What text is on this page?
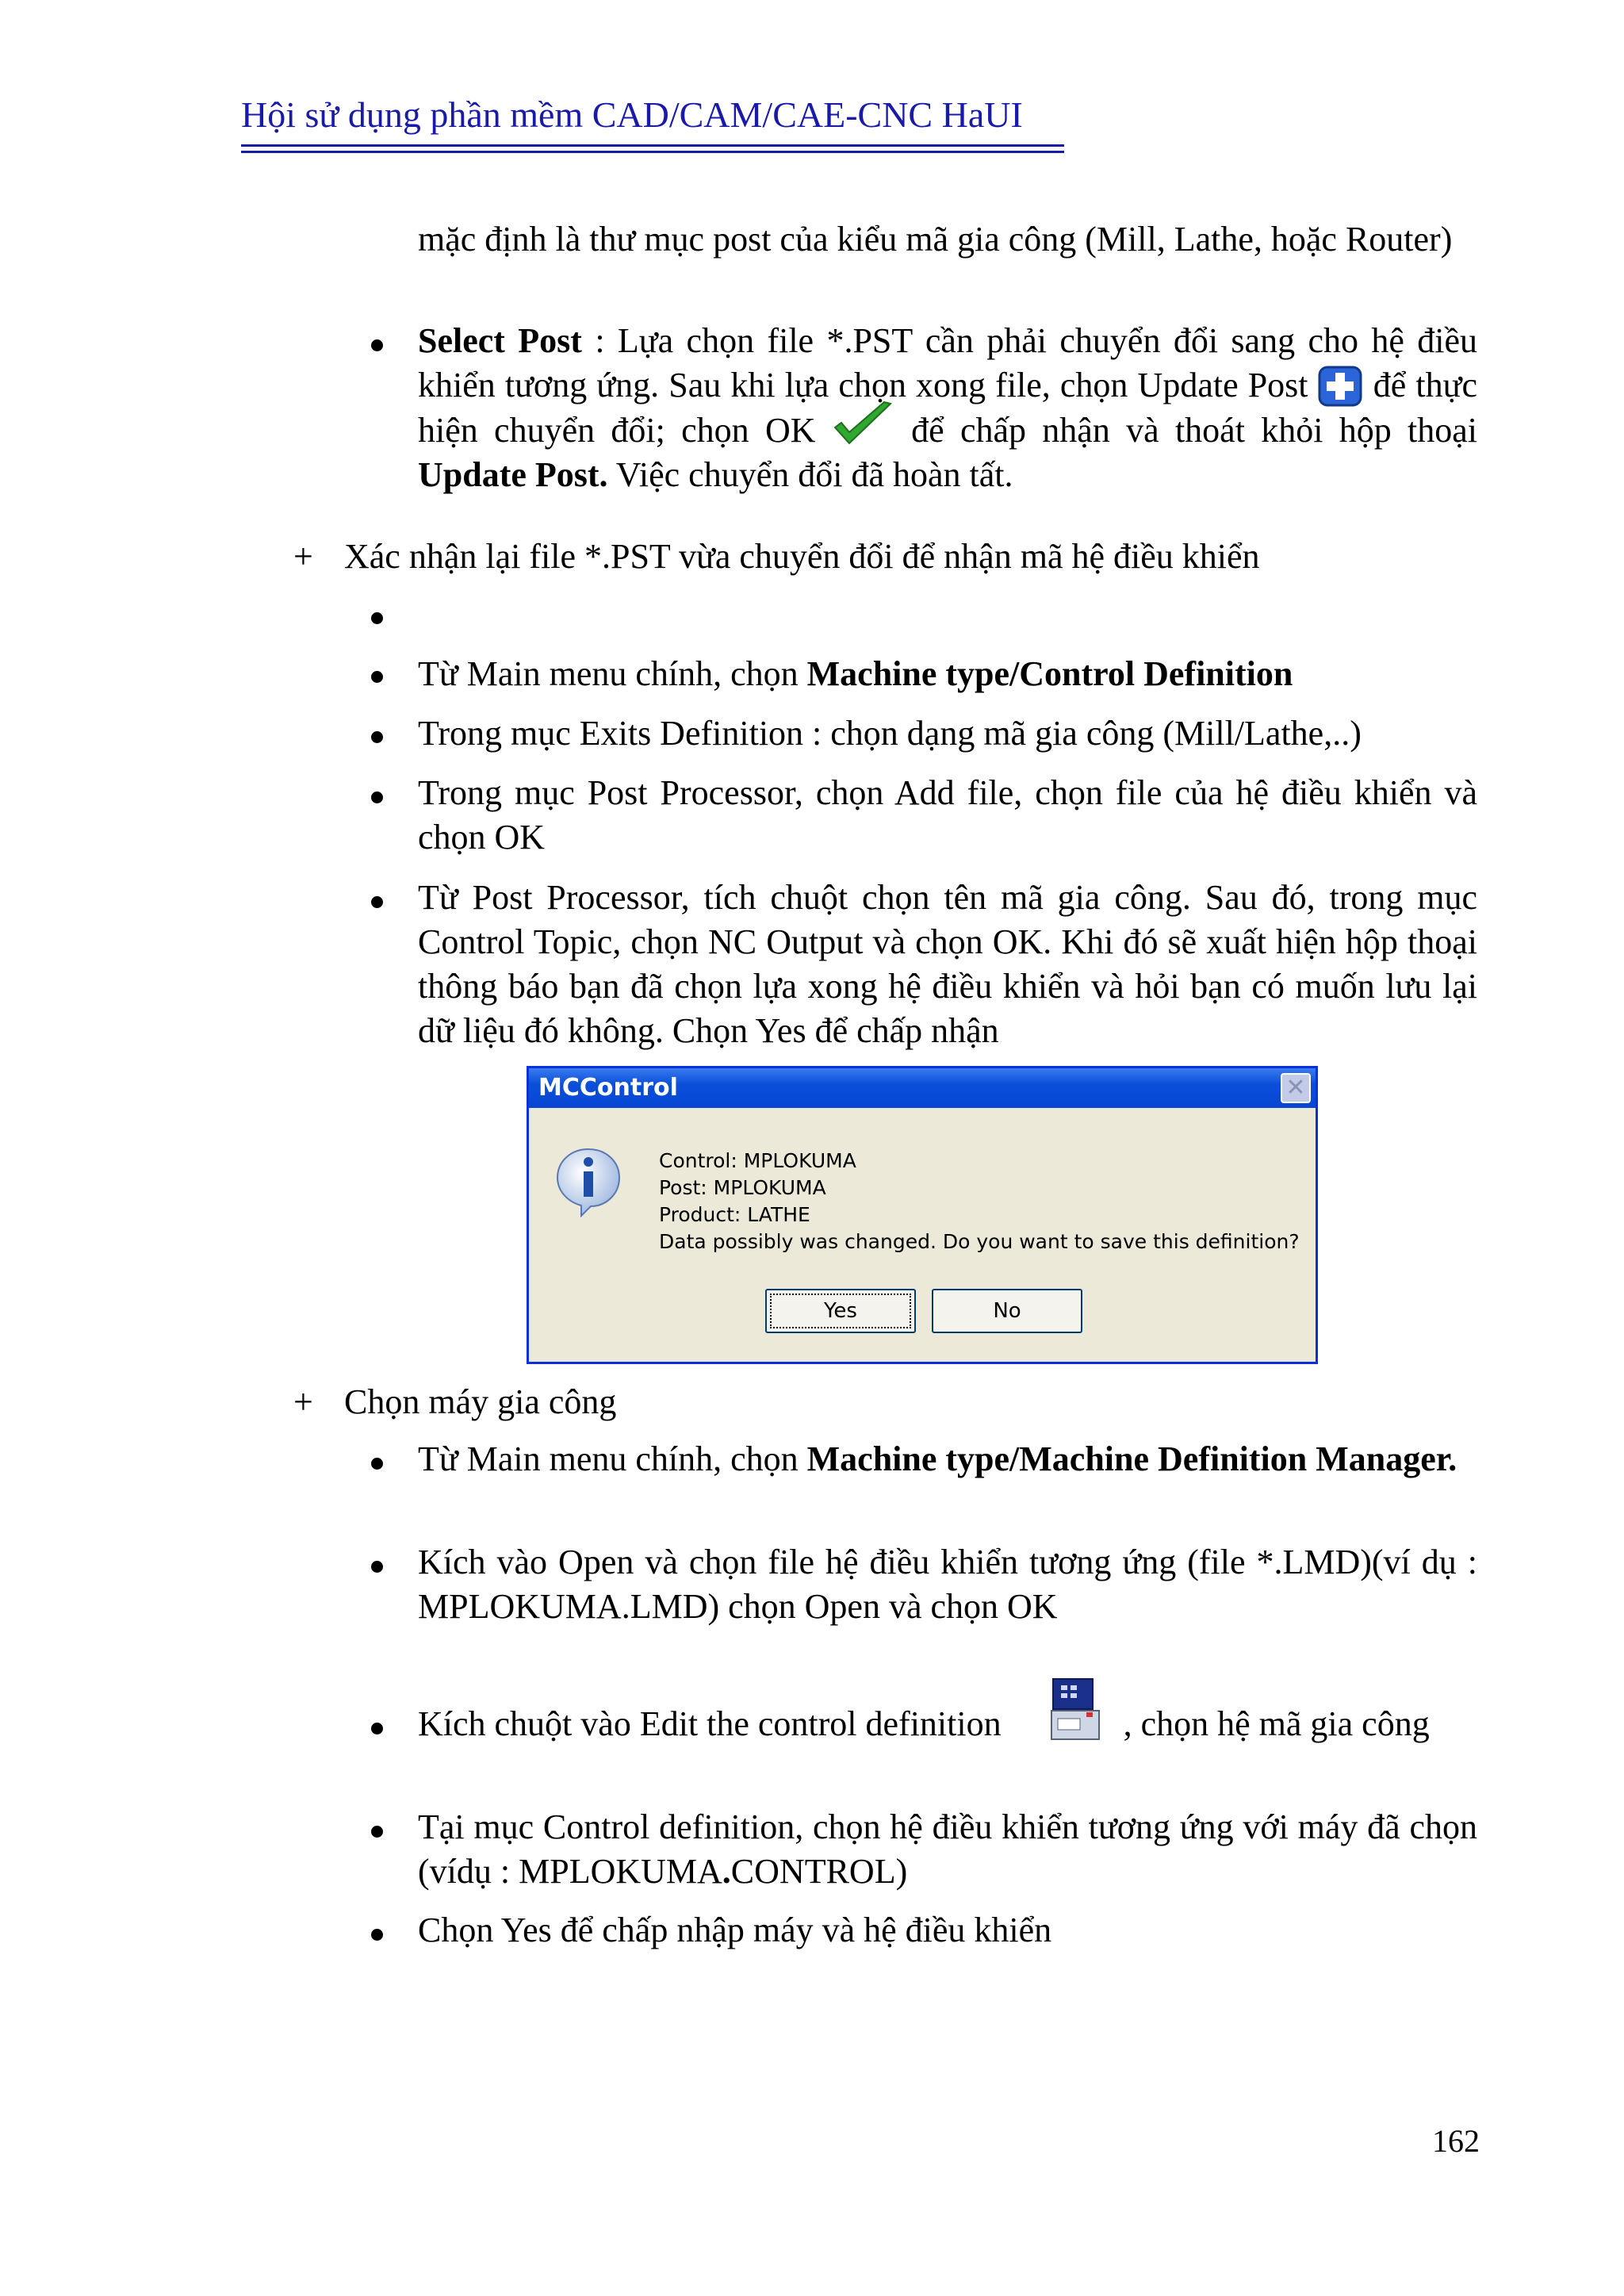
Hội sử dụng phần mềm CAD/CAM/CAE-CNC HaUI
mặc định là thư mục post của kiểu mã gia công (Mill, Lathe, hoặc Router)
Select Post : Lựa chọn file *.PST cần phải chuyển đổi sang cho hệ điều khiển tương ứng. Sau khi lựa chọn xong file, chọn Update Post  để thực hiện chuyển đổi; chọn OK  để chấp nhận và thoát khỏi hộp thoại Update Post. Việc chuyển đổi đã hoàn tất.
+ Xác nhận lại file *.PST vừa chuyển đổi để nhận mã hệ điều khiển
Từ Main menu chính, chọn Machine type/Control Definition
Trong mục Exits Definition : chọn dạng mã gia công (Mill/Lathe,..)
Trong mục Post Processor, chọn Add file, chọn file của hệ điều khiển và chọn OK
Từ Post Processor, tích chuột chọn tên mã gia công. Sau đó, trong mục Control Topic, chọn NC Output và chọn OK. Khi đó sẽ xuất hiện hộp thoại thông báo bạn đã chọn lựa xong hệ điều khiển và hỏi bạn có muốn lưu lại dữ liệu đó không. Chọn Yes để chấp nhận
MCControl	✕
Control: MPLOKUMA
Post: MPLOKUMA
Product: LATHE
Data possibly was changed. Do you want to save this definition?
Yes	No
+ Chọn máy gia công
Từ Main menu chính, chọn Machine type/Machine Definition Manager.
Kích vào Open và chọn file hệ điều khiển tương ứng (file *.LMD)(ví dụ : MPLOKUMA.LMD) chọn Open và chọn OK
Kích chuột vào Edit the control definition	, chọn hệ mã gia công
Tại mục Control definition, chọn hệ điều khiển tương ứng với máy đã chọn (vídụ : MPLOKUMA.CONTROL)
Chọn Yes để chấp nhập máy và hệ điều khiển
162
